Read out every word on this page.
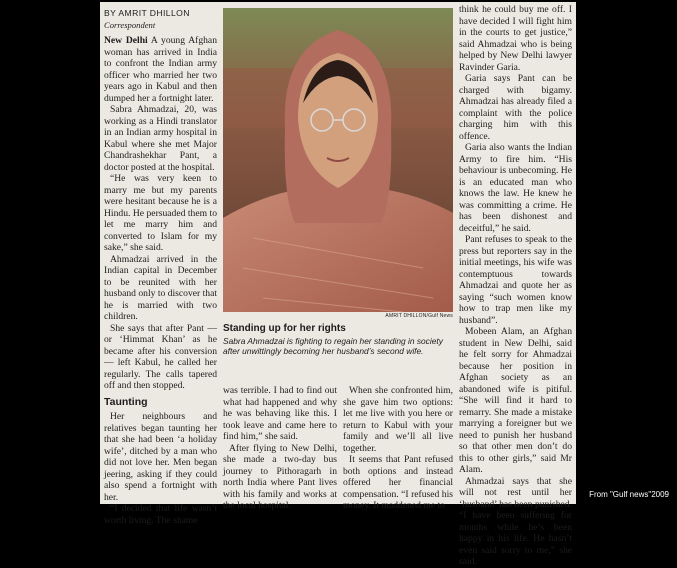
BY AMRIT DHILLON
Correspondent

New Delhi A young Afghan woman has arrived in India to confront the Indian army officer who married her two years ago in Kabul and then dumped her a fortnight later.

Sabra Ahmadzai, 20, was working as a Hindi translator in an Indian army hospital in Kabul where she met Major Chandrashekhar Pant, a doctor posted at the hospital.

“He was very keen to marry me but my parents were hesitant because he is a Hindu. He persuaded them to let me marry him and converted to Islam for my sake,” she said.

Ahmadzai arrived in the Indian capital in December to be reunited with her husband only to discover that he is married with two children.

She says that after Pant — or ‘Himmat Khan’ as he became after his conversion — left Kabul, he called her regularly. The calls tapered off and then stopped.

Taunting

Her neighbours and relatives began taunting her that she had been ‘a holiday wife’, ditched by a man who did not love her. Men began jeering, asking if they could also spend a fortnight with her.

“I decided that life wasn’t worth living. The shame

AMRIT DHILLON/Gulf News
Standing up for her rights
Sabra Ahmadzai is fighting to regain her standing in society after unwittingly becoming her husband’s second wife.

was terrible. I had to find out what had happened and why he was behaving like this. I took leave and came here to find him,” she said.

After flying to New Delhi, she made a two-day bus journey to Pithoragarh in north India where Pant lives with his family and works at the local hospital.

When she confronted him, she gave him two options: let me live with you here or return to Kabul with your family and we’ll all live together.

It seems that Pant refused both options and instead offered her financial compensation. “I refused his money. It maddened me to

think he could buy me off. I have decided I will fight him in the courts to get justice,” said Ahmadzai who is being helped by New Delhi lawyer Ravinder Garia.

Garia says Pant can be charged with bigamy. Ahmadzai has already filed a complaint with the police charging him with this offence.

Garia also wants the Indian Army to fire him. “His behaviour is unbecoming. He is an educated man who knows the law. He knew he was committing a crime. He has been dishonest and deceitful,” he said.

Pant refuses to speak to the press but reporters say in the initial meetings, his wife was contemptuous towards Ahmadzai and quote her as saying “such women know how to trap men like my husband”.

Mobeen Alam, an Afghan student in New Delhi, said he felt sorry for Ahmadzai because her position in Afghan society as an abandoned wife is pitiful. “She will find it hard to remarry. She made a mistake marrying a foreigner but we need to punish her husband so that other men don’t do this to other girls,” said Mr Alam.

Ahmadzai says that she will not rest until her ‘husband’ has been punished. “I have been suffering for months while he’s been happy in his life. He hasn’t even said sorry to me,” she said.

From "Gulf news"2009
